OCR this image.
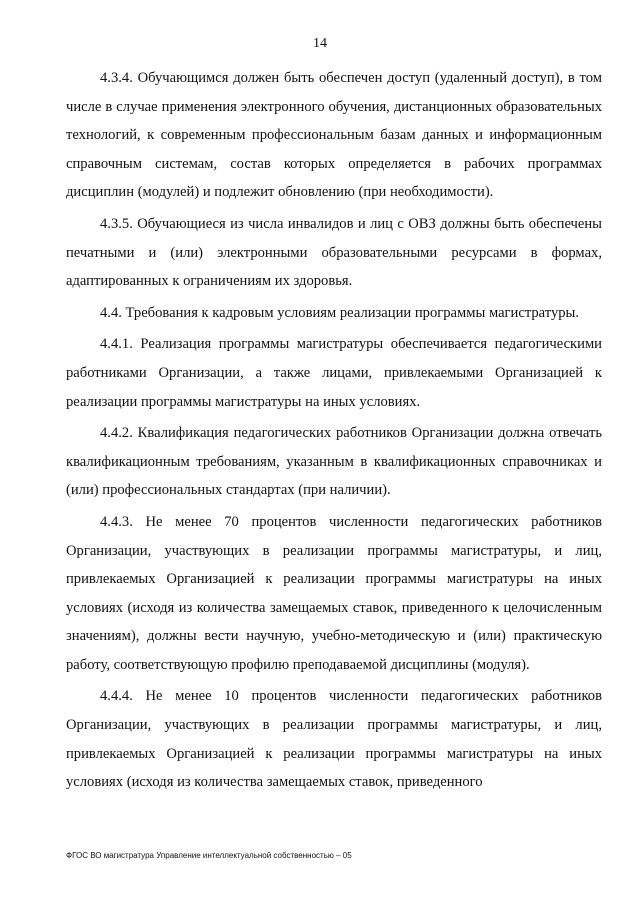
14

4.3.4. Обучающимся должен быть обеспечен доступ (удаленный доступ), в том числе в случае применения электронного обучения, дистанционных образовательных технологий, к современным профессиональным базам данных и информационным справочным системам, состав которых определяется в рабочих программах дисциплин (модулей) и подлежит обновлению (при необходимости).

4.3.5. Обучающиеся из числа инвалидов и лиц с ОВЗ должны быть обеспечены печатными и (или) электронными образовательными ресурсами в формах, адаптированных к ограничениям их здоровья.

4.4. Требования к кадровым условиям реализации программы магистратуры.

4.4.1. Реализация программы магистратуры обеспечивается педагогическими работниками Организации, а также лицами, привлекаемыми Организацией к реализации программы магистратуры на иных условиях.

4.4.2. Квалификация педагогических работников Организации должна отвечать квалификационным требованиям, указанным в квалификационных справочниках и (или) профессиональных стандартах (при наличии).

4.4.3. Не менее 70 процентов численности педагогических работников Организации, участвующих в реализации программы магистратуры, и лиц, привлекаемых Организацией к реализации программы магистратуры на иных условиях (исходя из количества замещаемых ставок, приведенного к целочисленным значениям), должны вести научную, учебно-методическую и (или) практическую работу, соответствующую профилю преподаваемой дисциплины (модуля).

4.4.4. Не менее 10 процентов численности педагогических работников Организации, участвующих в реализации программы магистратуры, и лиц, привлекаемых Организацией к реализации программы магистратуры на иных условиях (исходя из количества замещаемых ставок, приведенного

ФГОС ВО магистратура Управление интеллектуальной собственностью – 05
